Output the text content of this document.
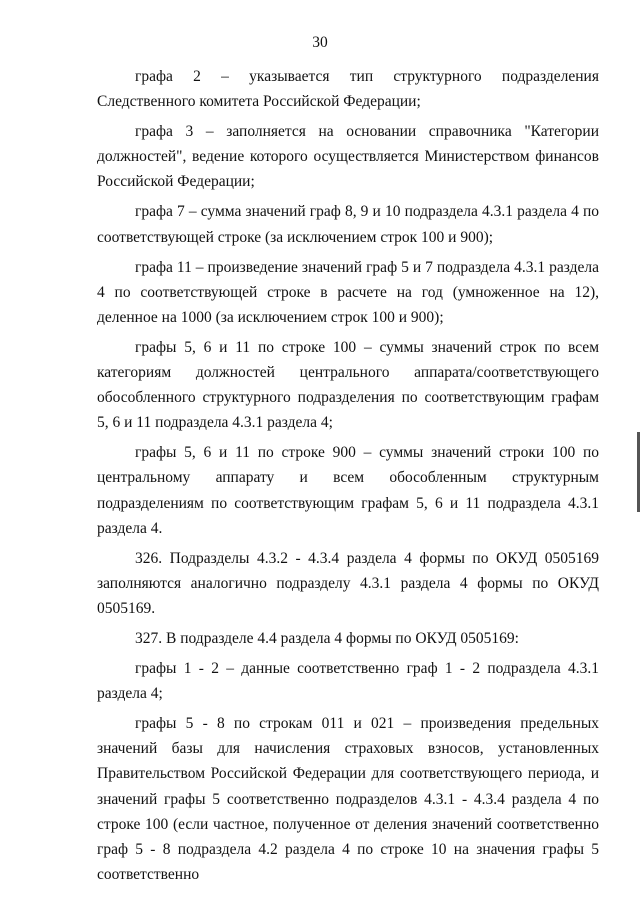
30

графа 2 – указывается тип структурного подразделения Следственного комитета Российской Федерации;

графа 3 – заполняется на основании справочника "Категории должностей", ведение которого осуществляется Министерством финансов Российской Федерации;

графа 7 – сумма значений граф 8, 9 и 10 подраздела 4.3.1 раздела 4 по соответствующей строке (за исключением строк 100 и 900);

графа 11 – произведение значений граф 5 и 7 подраздела 4.3.1 раздела 4 по соответствующей строке в расчете на год (умноженное на 12), деленное на 1000 (за исключением строк 100 и 900);

графы 5, 6 и 11 по строке 100 – суммы значений строк по всем категориям должностей центрального аппарата/соответствующего обособленного структурного подразделения по соответствующим графам 5, 6 и 11 подраздела 4.3.1 раздела 4;

графы 5, 6 и 11 по строке 900 – суммы значений строки 100 по центральному аппарату и всем обособленным структурным подразделениям по соответствующим графам 5, 6 и 11 подраздела 4.3.1 раздела 4.

326. Подразделы 4.3.2 - 4.3.4 раздела 4 формы по ОКУД 0505169 заполняются аналогично подразделу 4.3.1 раздела 4 формы по ОКУД 0505169.

327. В подразделе 4.4 раздела 4 формы по ОКУД 0505169:

графы 1 - 2 – данные соответственно граф 1 - 2 подраздела 4.3.1 раздела 4;

графы 5 - 8 по строкам 011 и 021 – произведения предельных значений базы для начисления страховых взносов, установленных Правительством Российской Федерации для соответствующего периода, и значений графы 5 соответственно подразделов 4.3.1 - 4.3.4 раздела 4 по строке 100 (если частное, полученное от деления значений соответственно граф 5 - 8 подраздела 4.2 раздела 4 по строке 10 на значения графы 5 соответственно
